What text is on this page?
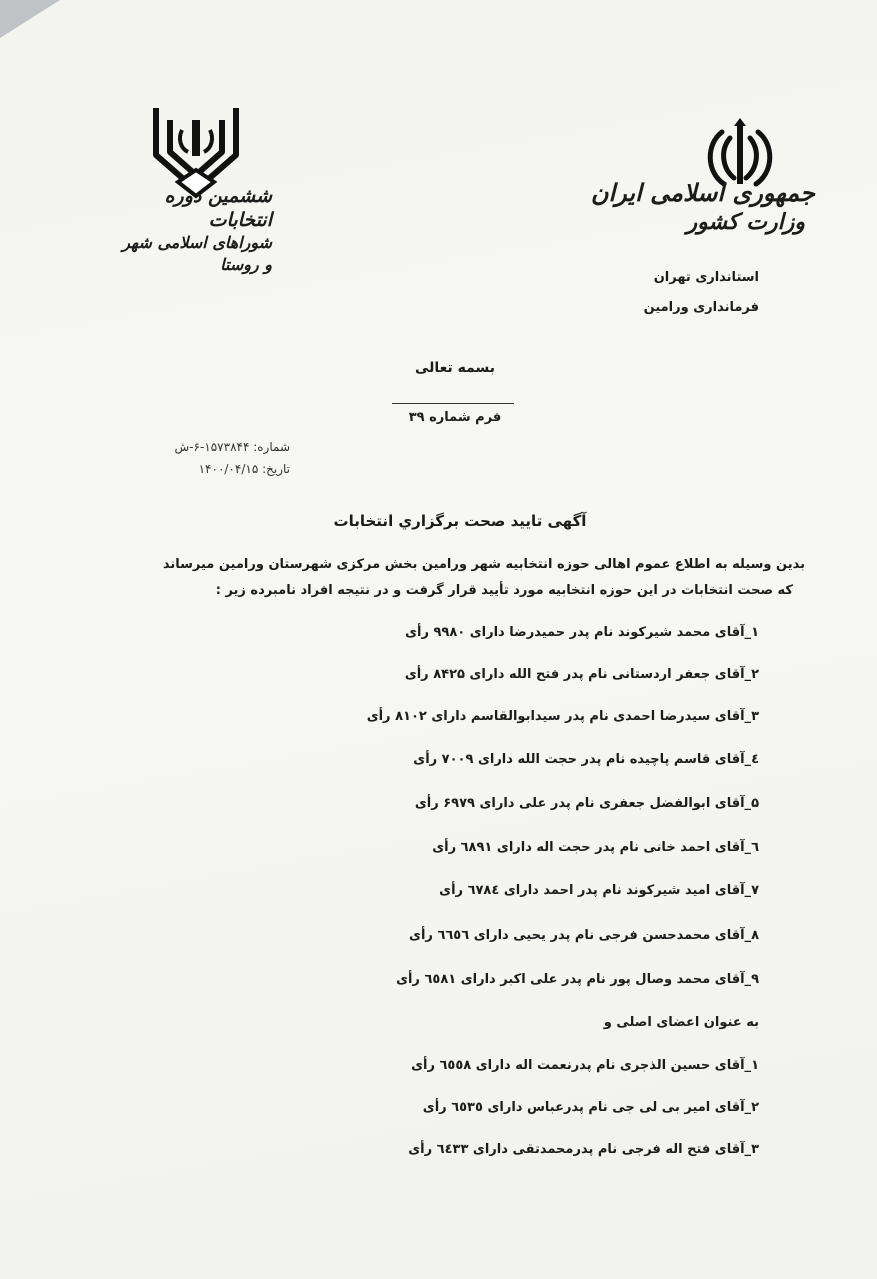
جمهوری اسلامی ایران
وزارت کشور
استانداری تهران
فرمانداری ورامین
ششمین دوره انتخابات
شوراهای اسلامی شهر و روستا
بسمه تعالی
فرم شماره ۳۹
شماره: ۱۵۷۳۸۴۴-۶-ش
تاریخ: ۱۴۰۰/۰۴/۱۵
آگهی تایید صحت برگزاري انتخابات
بدین وسیله به اطلاع عموم اهالی حوزه انتخابیه شهر ورامین بخش مرکزی شهرستان ورامین میرساند
که صحت انتخابات در این حوزه انتخابیه مورد تأیید قرار گرفت و در نتیجه افراد نامبرده زیر :
۱_آقای محمد شیرکوند نام پدر حمیدرضا دارای ۹۹۸۰ رأی
۲_آقای جعفر اردستانی نام پدر فتح الله دارای ۸۴۲۵ رأی
۳_آقای سیدرضا احمدی نام پدر سیدابوالقاسم دارای ۸۱۰۲ رأی
٤_آقای قاسم پاچیده نام پدر حجت الله دارای ۷۰۰۹ رأی
۵_آقای ابوالفضل جعفری نام پدر علی دارای ۶۹۷۹ رأی
٦_آقای احمد خانی نام پدر حجت اله دارای ٦٨٩١ رأی
۷_آقای امید شیرکوند نام پدر احمد دارای ٦٧٨٤ رأی
۸_آقای محمدحسن فرجی نام پدر یحیی دارای ٦٦٥٦ رأی
۹_آقای محمد وصال پور نام پدر علی اکبر دارای ٦٥٨١ رأی
به عنوان اعضای اصلی و
۱_آقای حسین الذجری نام پدرنعمت اله دارای ٦٥٥٨ رأی
۲_آقای امیر بی لی جی نام پدرعباس دارای ٦٥٣٥ رأی
۳_آقای فتح اله فرجی نام پدرمحمدتقی دارای ٦٤٣٣ رأی
